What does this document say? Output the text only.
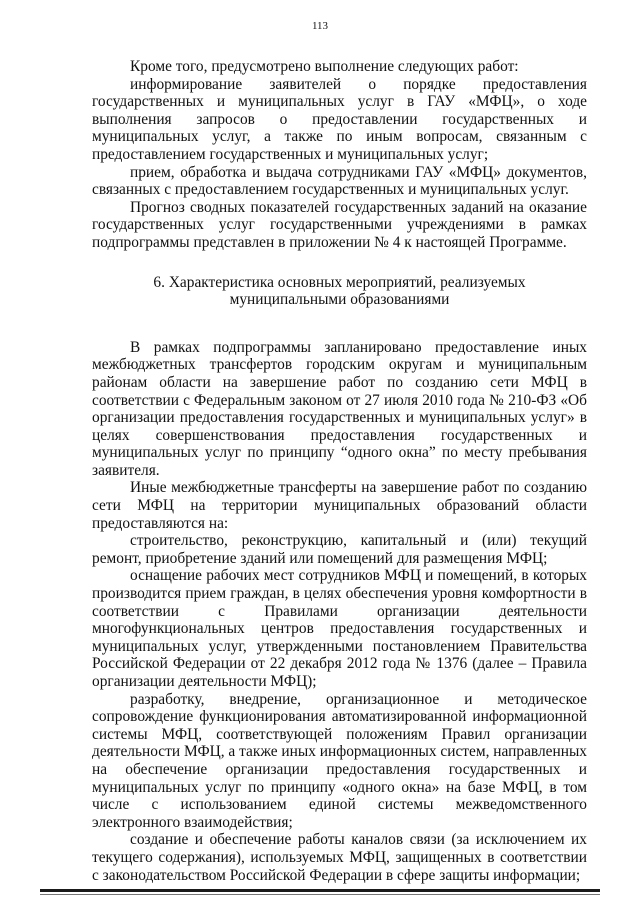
113

Кроме того, предусмотрено выполнение следующих работ:

информирование заявителей о порядке предоставления государственных и муниципальных услуг в ГАУ «МФЦ», о ходе выполнения запросов о предоставлении государственных и муниципальных услуг, а также по иным вопросам, связанным с предоставлением государственных и муниципальных услуг;

прием, обработка и выдача сотрудниками ГАУ «МФЦ» документов, связанных с предоставлением государственных и муниципальных услуг.

Прогноз сводных показателей государственных заданий на оказание государственных услуг государственными учреждениями в рамках подпрограммы представлен в приложении № 4 к настоящей Программе.

6. Характеристика основных мероприятий, реализуемых
муниципальными образованиями

В рамках подпрограммы запланировано предоставление иных межбюджетных трансфертов городским округам и муниципальным районам области на завершение работ по созданию сети МФЦ в соответствии с Федеральным законом от 27 июля 2010 года № 210-ФЗ «Об организации предоставления государственных и муниципальных услуг» в целях совершенствования предоставления государственных и муниципальных услуг по принципу “одного окна” по месту пребывания заявителя.

Иные межбюджетные трансферты на завершение работ по созданию сети МФЦ на территории муниципальных образований области предоставляются на:

строительство, реконструкцию, капитальный и (или) текущий ремонт, приобретение зданий или помещений для размещения МФЦ;

оснащение рабочих мест сотрудников МФЦ и помещений, в которых производится прием граждан, в целях обеспечения уровня комфортности в соответствии с Правилами организации деятельности многофункциональных центров предоставления государственных и муниципальных услуг, утвержденными постановлением Правительства Российской Федерации от 22 декабря 2012 года № 1376 (далее – Правила организации деятельности МФЦ);

разработку, внедрение, организационное и методическое сопровождение функционирования автоматизированной информационной системы МФЦ, соответствующей положениям Правил организации деятельности МФЦ, а также иных информационных систем, направленных на обеспечение организации предоставления государственных и муниципальных услуг по принципу «одного окна» на базе МФЦ, в том числе с использованием единой системы межведомственного электронного взаимодействия;

создание и обеспечение работы каналов связи (за исключением их текущего содержания), используемых МФЦ, защищенных в соответствии с законодательством Российской Федерации в сфере защиты информации;
